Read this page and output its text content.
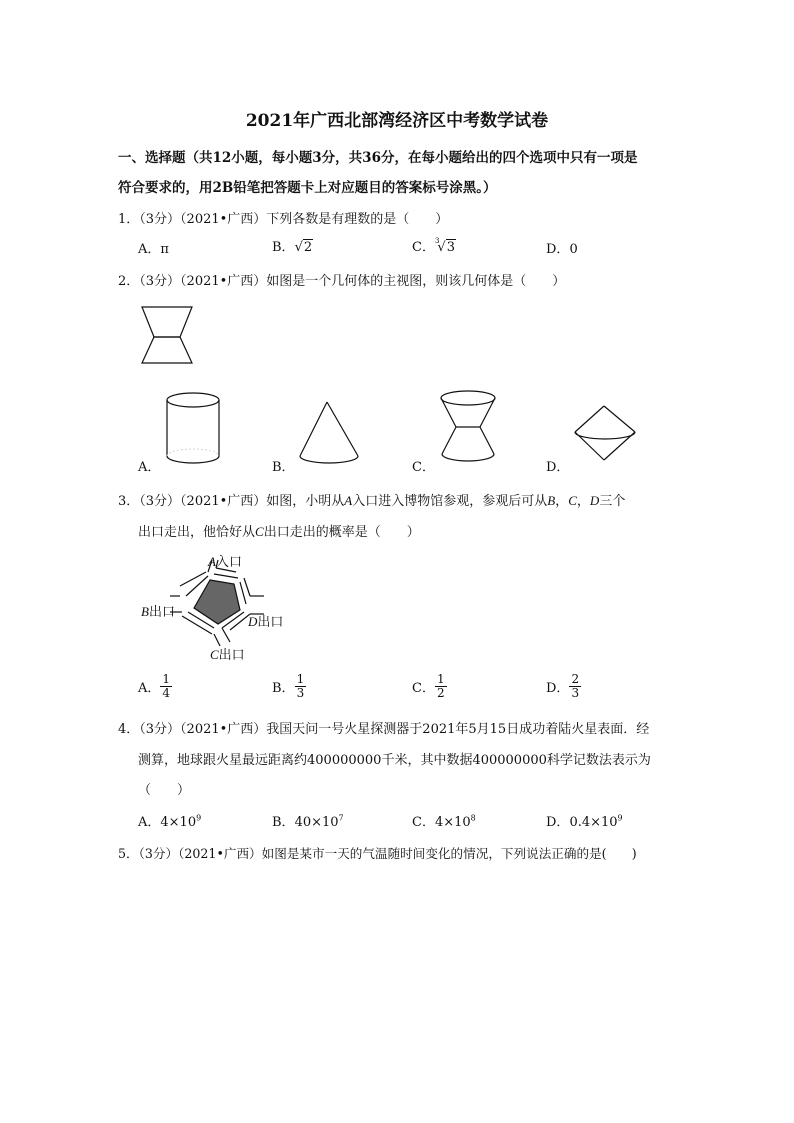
2021年广西北部湾经济区中考数学试卷
一、选择题（共12小题，每小题3分，共36分，在每小题给出的四个选项中只有一项是
符合要求的，用2B铅笔把答题卡上对应题目的答案标号涂黑。）
1．（3分）（2021•广西）下列各数是有理数的是（　　）
A．π	B．√2	C．$^3$√3	D．0
2．（3分）（2021•广西）如图是一个几何体的主视图，则该几何体是（　　）
A．	B．	C．	D．
3．（3分）（2021•广西）如图，小明从A入口进入博物馆参观，参观后可从B，C，D三个
出口走出，他恰好从C出口走出的概率是（　　）
A入口
B出口
D出口
C出口
A． $\frac{1}{4}$	B． $\frac{1}{3}$	C． $\frac{1}{2}$	D． $\frac{2}{3}$
4．（3分）（2021•广西）我国天问一号火星探测器于2021年5月15日成功着陆火星表面．经
测算，地球跟火星最远距离约400000000千米，其中数据400000000科学记数法表示为
（　　）
A．$4\times 10^9$	B．$40\times 10^7$	C．$4\times 10^8$	D．$0.4\times 10^9$
5．（3分）（2021•广西）如图是某市一天的气温随时间变化的情况，下列说法正确的是(　　)
